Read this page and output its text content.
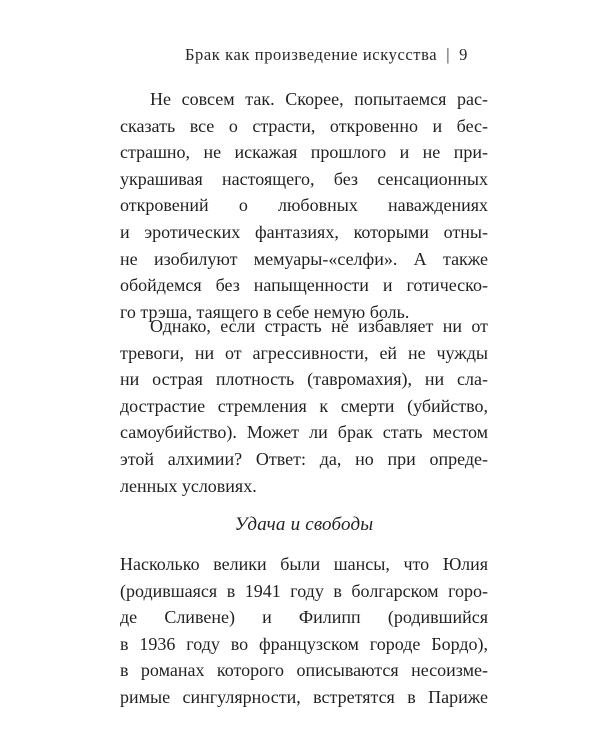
Брак как произведение искусства | 9

Не совсем так. Скорее, попытаемся рас-

сказать все о страсти, откровенно и бес-

страшно, не искажая прошлого и не при-

украшивая настоящего, без сенсационных

откровений о любовных наваждениях

и эротических фантазиях, которыми отны-

не изобилуют мемуары-«селфи». А также

обойдемся без напыщенности и готическо-

го трэша, таящего в себе немую боль.

Однако, если страсть не избавляет ни от

тревоги, ни от агрессивности, ей не чужды

ни острая плотность (тавромахия), ни сла-

дострастие стремления к смерти (убийство,

самоубийство). Может ли брак стать местом

этой алхимии? Ответ: да, но при опреде-

ленных условиях.

Удача и свободы

Насколько велики были шансы, что Юлия

(родившаяся в 1941 году в болгарском горо-

де Сливене) и Филипп (родившийся

в 1936 году во французском городе Бордо),

в романах которого описываются несоизме-

римые сингулярности, встретятся в Париже
